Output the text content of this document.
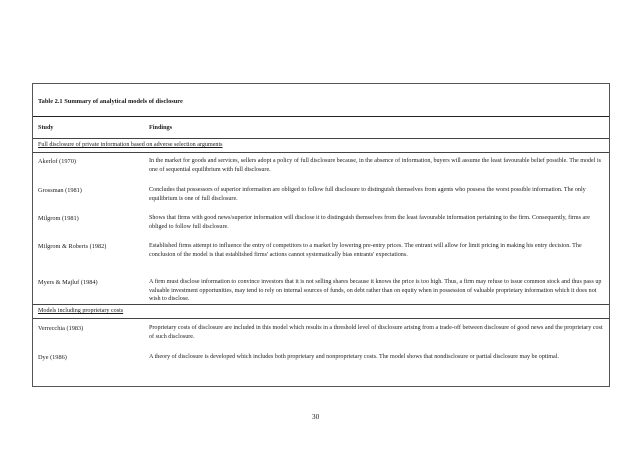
Table 2.1 Summary of analytical models of disclosure
Study	Findings
Full disclosure of private information based on adverse selection arguments
Akerlof (1970)	In the market for goods and services, sellers adopt a policy of full disclosure because, in the absence of information, buyers will assume the least favourable belief possible. The model is one of sequential equilibrium with full disclosure.
Grossman (1981)	Concludes that possessors of superior information are obliged to follow full disclosure to distinguish themselves from agents who possess the worst possible information. The only equilibrium is one of full disclosure.
Milgrom (1981)	Shows that firms with good news/superior information will disclose it to distinguish themselves from the least favourable information pertaining to the firm. Consequently, firms are obliged to follow full disclosure.
Milgrom & Roberts (1982)	Established firms attempt to influence the entry of competitors to a market by lowering pre-entry prices. The entrant will allow for limit pricing in making his entry decision. The conclusion of the model is that established firms' actions cannot systematically bias entrants' expectations.
Myers & Majluf (1984)	A firm must disclose information to convince investors that it is not selling shares because it knows the price is too high. Thus, a firm may refuse to issue common stock and thus pass up valuable investment opportunities, may tend to rely on internal sources of funds, on debt rather than on equity when in possession of valuable proprietary information which it does not wish to disclose.
Models including proprietary costs
Verrecchia (1983)	Proprietary costs of disclosure are included in this model which results in a threshold level of disclosure arising from a trade-off between disclosure of good news and the proprietary cost of such disclosure.
Dye (1986)	A theory of disclosure is developed which includes both proprietary and nonproprietary costs. The model shows that nondisclosure or partial disclosure may be optimal.
30
